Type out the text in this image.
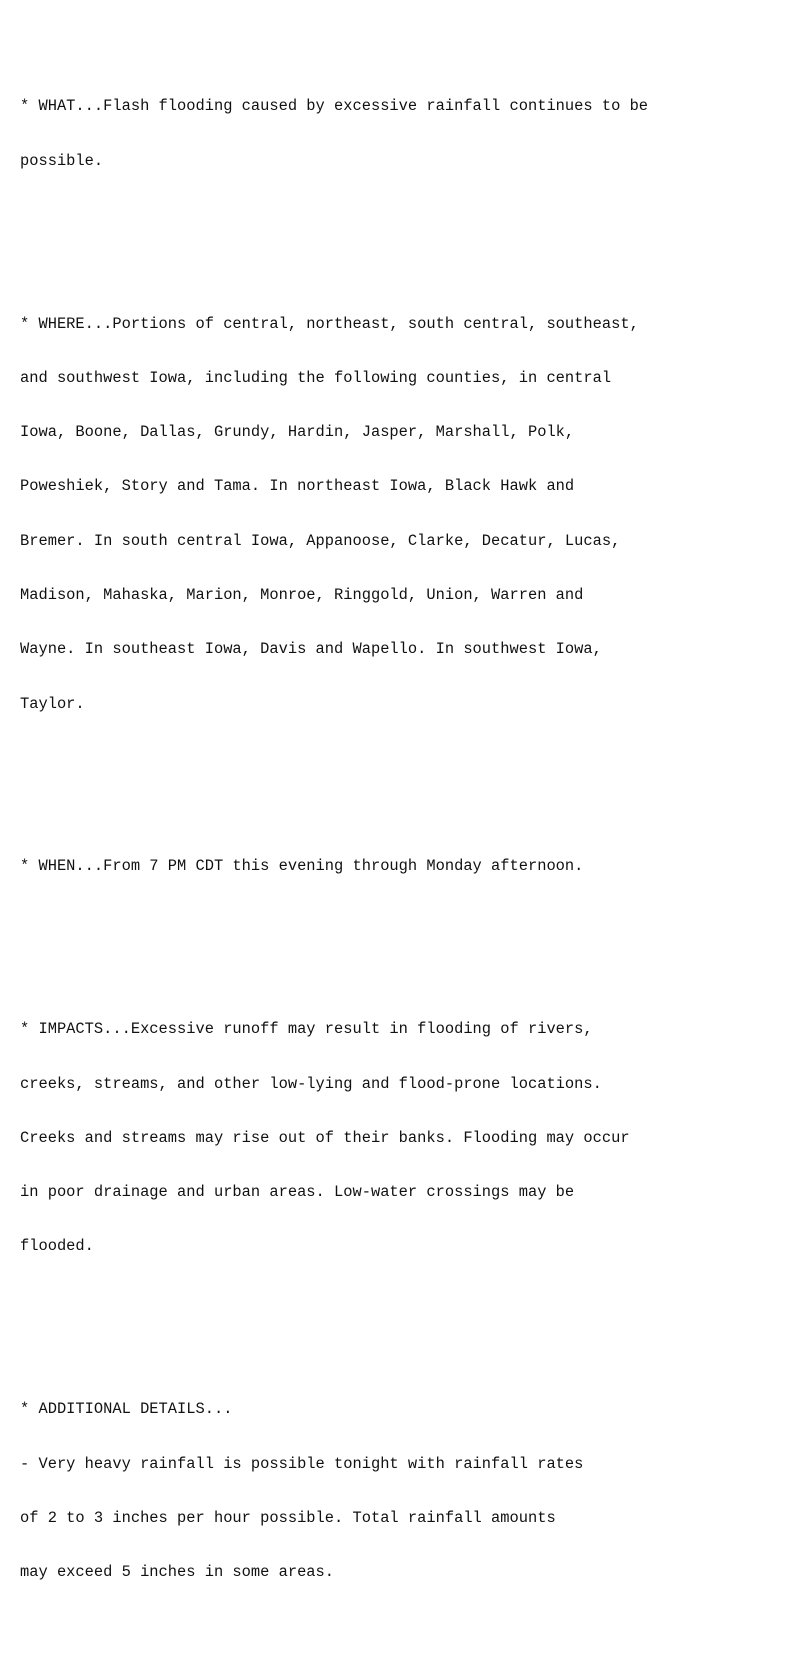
* WHAT...Flash flooding caused by excessive rainfall continues to be

possible.

* WHERE...Portions of central, northeast, south central, southeast,

and southwest Iowa, including the following counties, in central

Iowa, Boone, Dallas, Grundy, Hardin, Jasper, Marshall, Polk,

Poweshiek, Story and Tama. In northeast Iowa, Black Hawk and

Bremer. In south central Iowa, Appanoose, Clarke, Decatur, Lucas,

Madison, Mahaska, Marion, Monroe, Ringgold, Union, Warren and

Wayne. In southeast Iowa, Davis and Wapello. In southwest Iowa,

Taylor.

* WHEN...From 7 PM CDT this evening through Monday afternoon.

* IMPACTS...Excessive runoff may result in flooding of rivers,

creeks, streams, and other low-lying and flood-prone locations.

Creeks and streams may rise out of their banks. Flooding may occur

in poor drainage and urban areas. Low-water crossings may be

flooded.

* ADDITIONAL DETAILS...

- Very heavy rainfall is possible tonight with rainfall rates

of 2 to 3 inches per hour possible. Total rainfall amounts

may exceed 5 inches in some areas.
